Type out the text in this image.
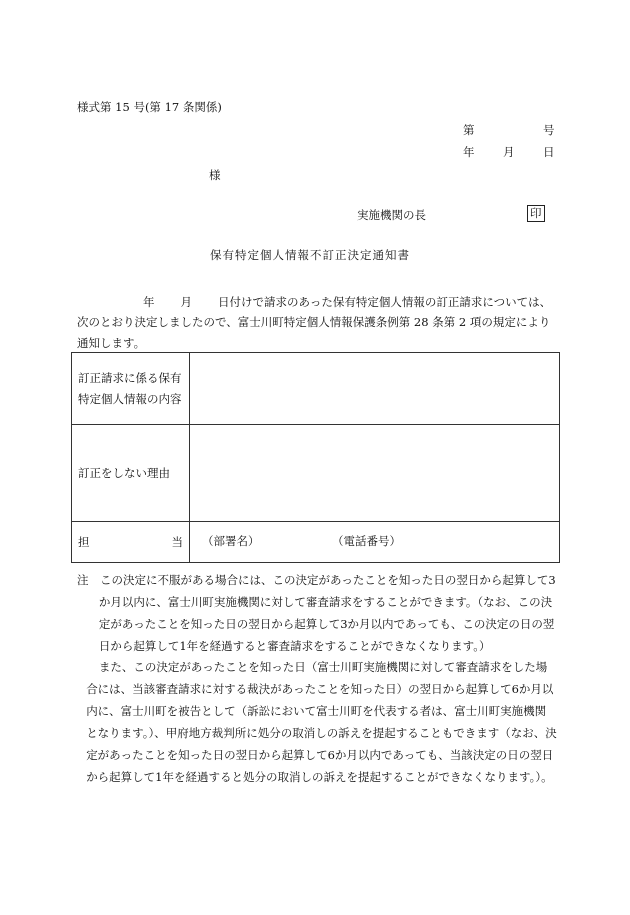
様式第 15 号(第 17 条関係)
第	号
年 月 日
様
実施機関の長	印
保有特定個人情報不訂正決定通知書
年 月 日付けで請求のあった保有特定個人情報の訂正請求については、次のとおり決定しましたので、富士川町特定個人情報保護条例第 28 条第 2 項の規定により通知します。
訂正請求に係る保有特定個人情報の内容	
訂正をしない理由	

担 当	（部署名） （電話番号）

注　この決定に不服がある場合には、この決定があったことを知った日の翌日から起算して3か月以内に、富士川町実施機関に対して審査請求をすることができます。（なお、この決定があったことを知った日の翌日から起算して3か月以内であっても、この決定の日の翌日から起算して1年を経過すると審査請求をすることができなくなります。）

また、この決定があったことを知った日（富士川町実施機関に対して審査請求をした場合には、当該審査請求に対する裁決があったことを知った日）の翌日から起算して6か月以内に、富士川町を被告として（訴訟において富士川町を代表する者は、富士川町実施機関となります。）、甲府地方裁判所に処分の取消しの訴えを提起することもできます（なお、決定があったことを知った日の翌日から起算して6か月以内であっても、当該決定の日の翌日から起算して1年を経過すると処分の取消しの訴えを提起することができなくなります。）。
